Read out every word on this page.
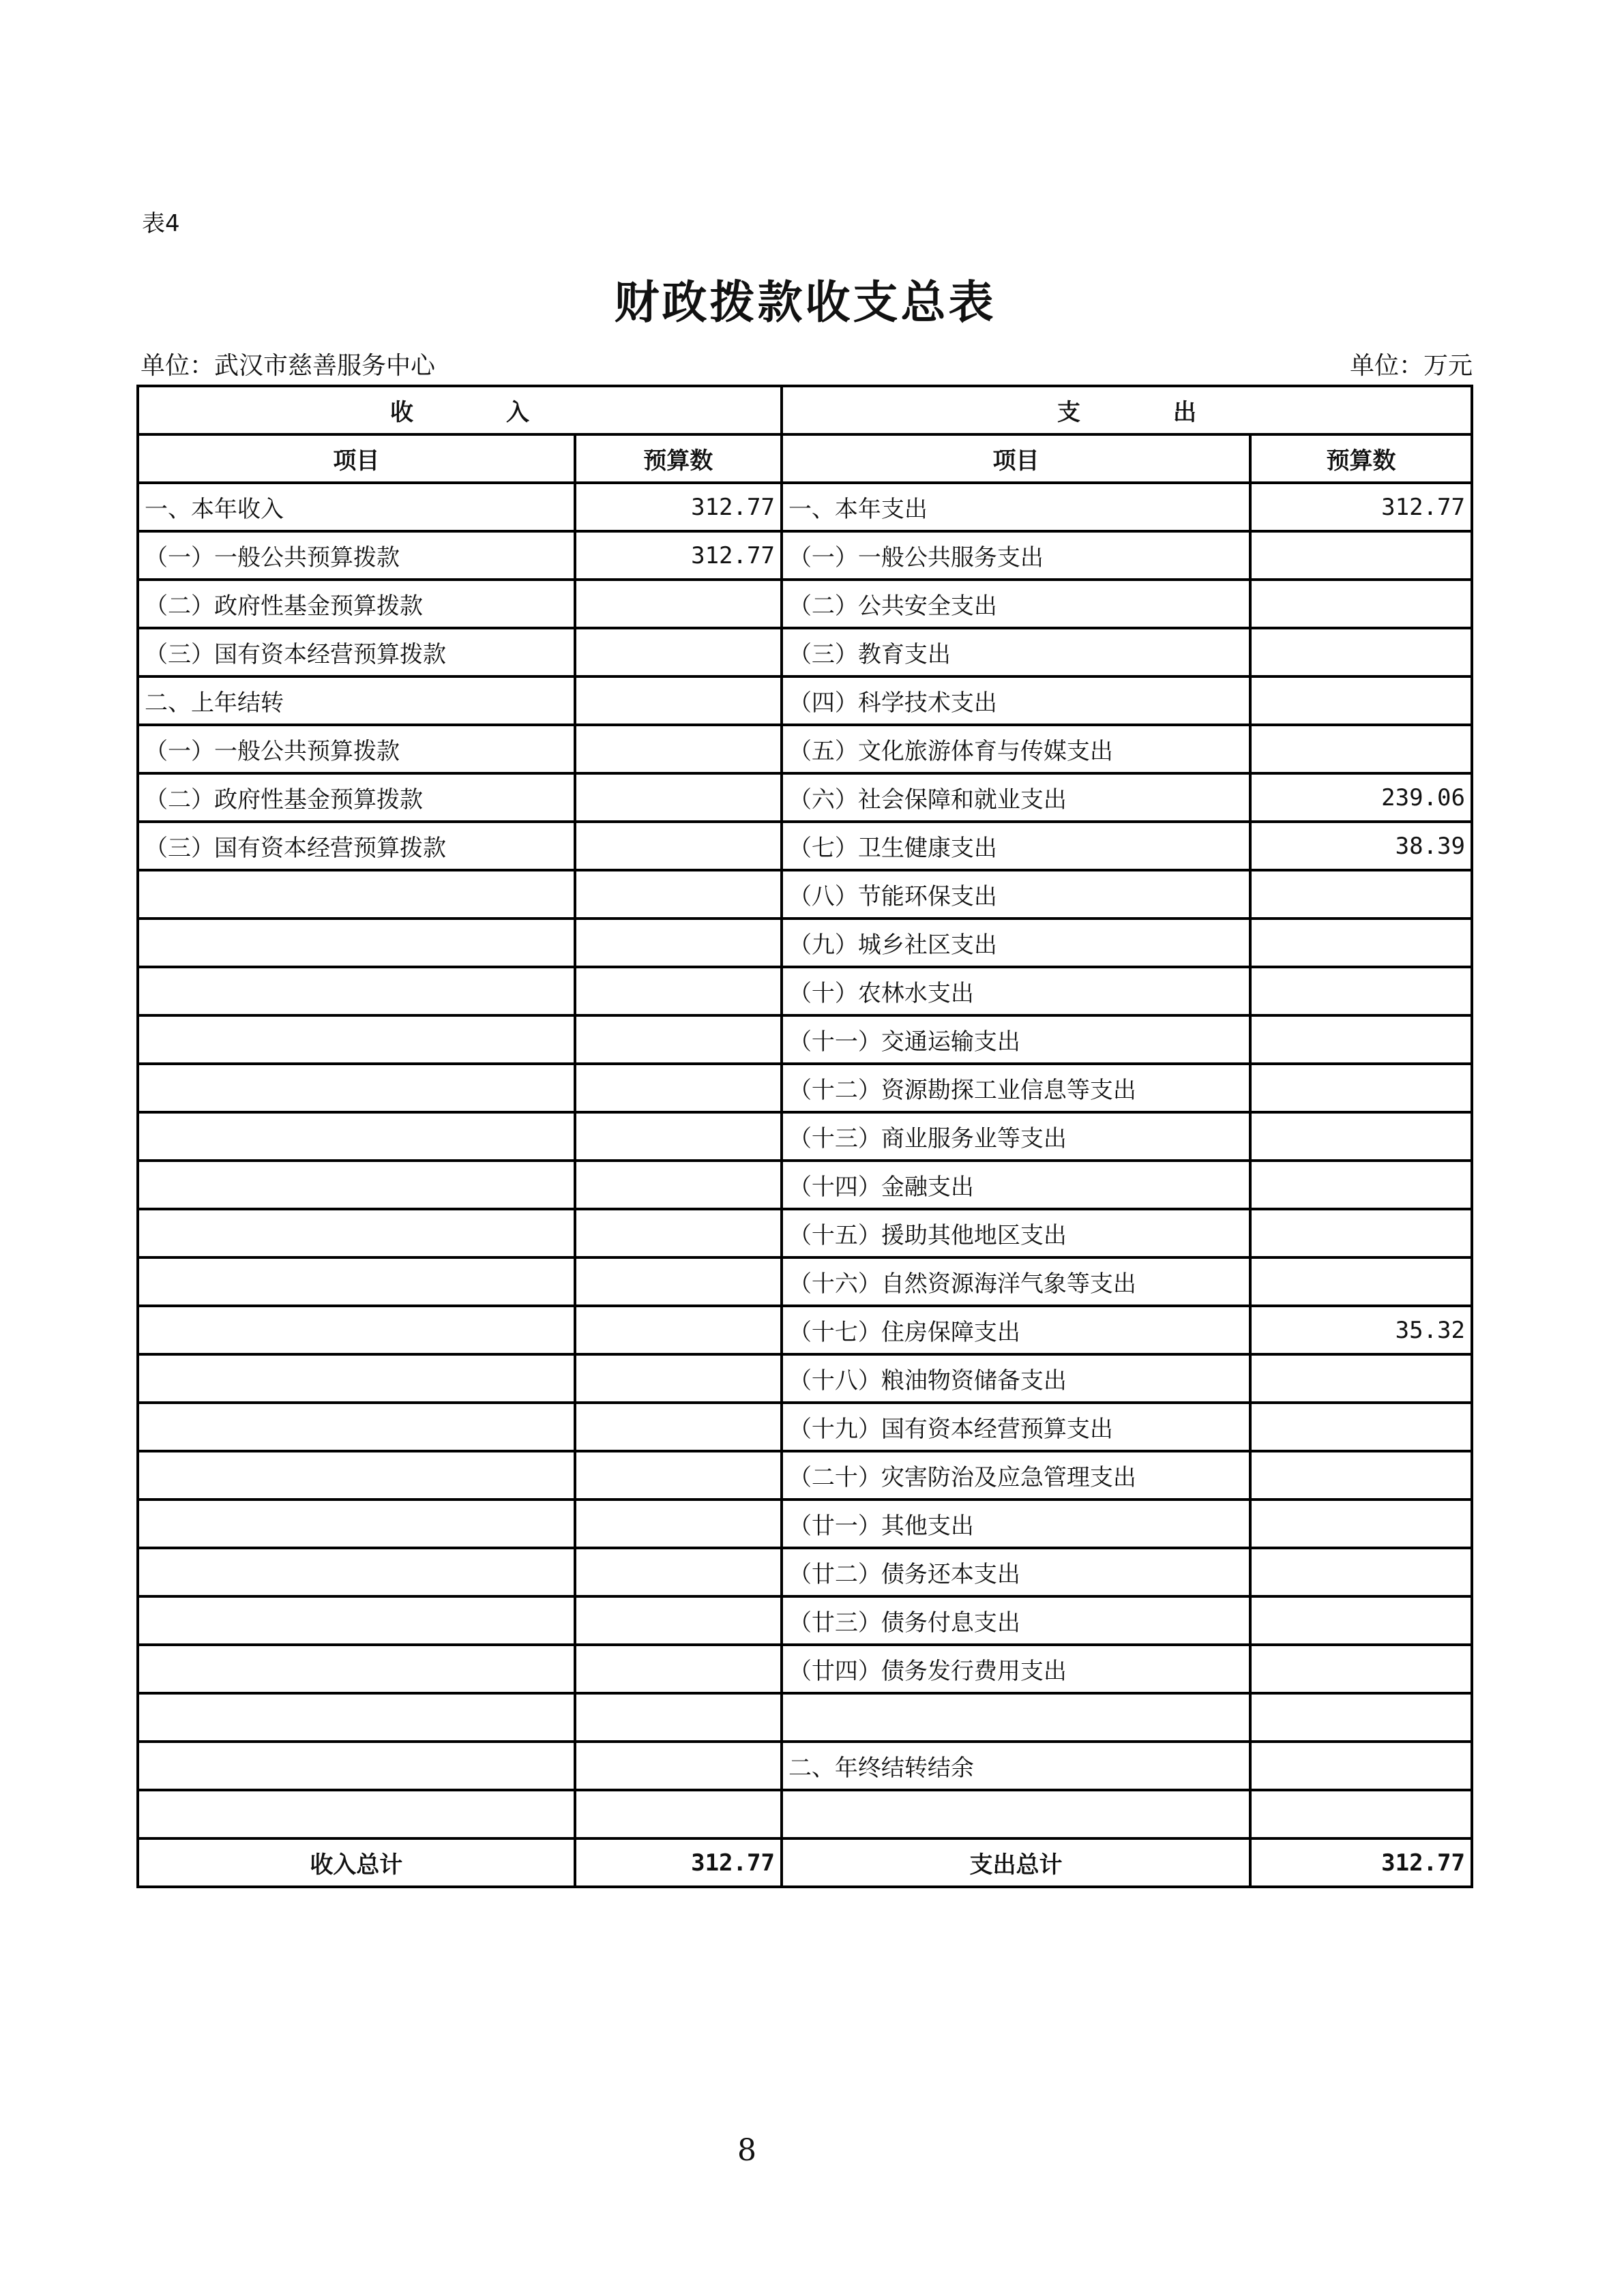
表4
财政拨款收支总表
单位：武汉市慈善服务中心	单位：万元
收　　　　入		支　　　　出	
项目	预算数	项目	预算数
一、本年收入	312.77	一、本年支出	312.77
（一）一般公共预算拨款	312.77	（一）一般公共服务支出	
（二）政府性基金预算拨款		（二）公共安全支出	
（三）国有资本经营预算拨款		（三）教育支出	
二、上年结转		（四）科学技术支出	
（一）一般公共预算拨款		（五）文化旅游体育与传媒支出	
（二）政府性基金预算拨款		（六）社会保障和就业支出	239.06
（三）国有资本经营预算拨款		（七）卫生健康支出	38.39
		（八）节能环保支出	
		（九）城乡社区支出	
		（十）农林水支出	
		（十一）交通运输支出	
		（十二）资源勘探工业信息等支出	
		（十三）商业服务业等支出	
		（十四）金融支出	
		（十五）援助其他地区支出	
		（十六）自然资源海洋气象等支出	
		（十七）住房保障支出	35.32
		（十八）粮油物资储备支出	
		（十九）国有资本经营预算支出	
		（二十）灾害防治及应急管理支出	
		（廿一）其他支出	
		（廿二）债务还本支出	
		（廿三）债务付息支出	
		（廿四）债务发行费用支出	

		二、年终结转结余	

收入总计	312.77	支出总计	312.77
8
